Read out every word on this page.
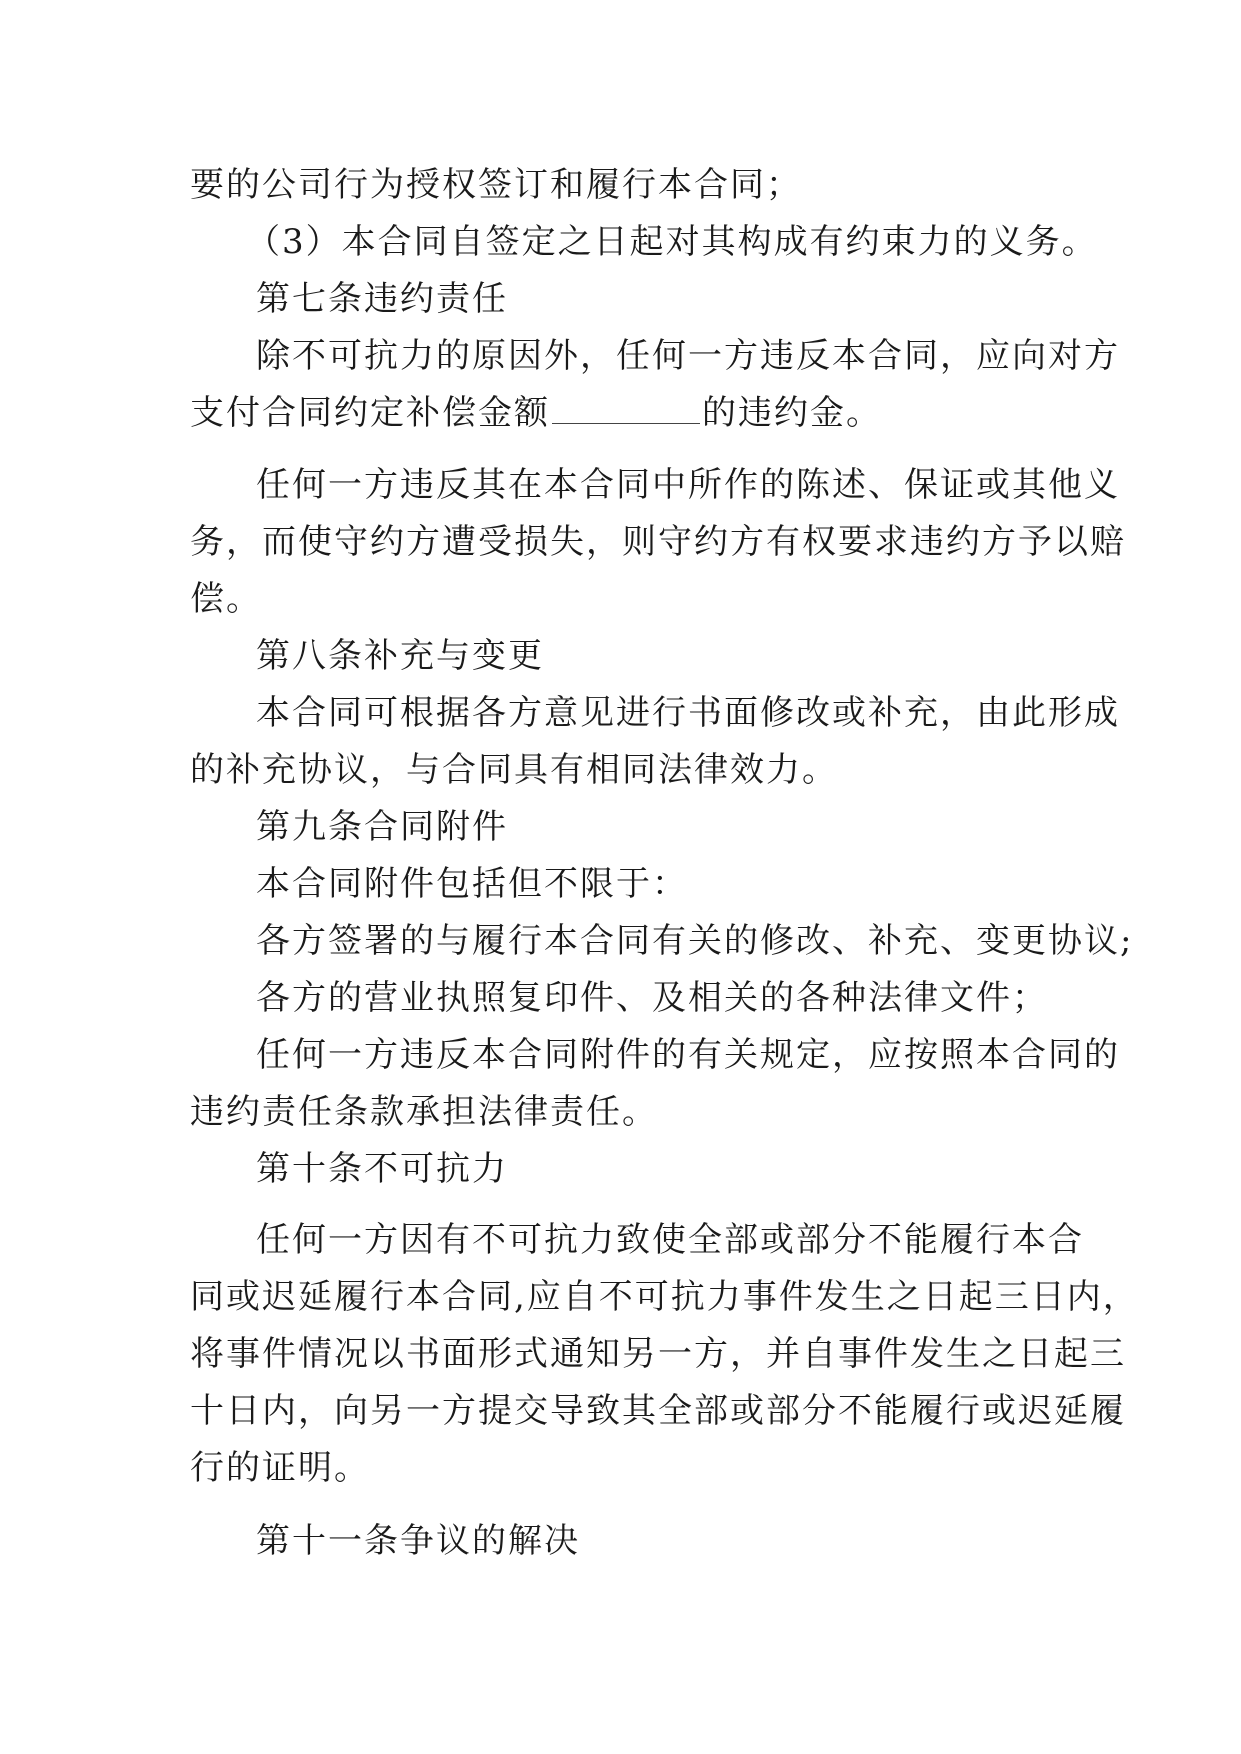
要的公司行为授权签订和履行本合同；
（3）本合同自签定之日起对其构成有约束力的义务。
第七条违约责任
除不可抗力的原因外，任何一方违反本合同，应向对方
支付合同约定补偿金额	的违约金。
任何一方违反其在本合同中所作的陈述、保证或其他义
务，而使守约方遭受损失，则守约方有权要求违约方予以赔
偿。
第八条补充与变更
本合同可根据各方意见进行书面修改或补充，由此形成
的补充协议，与合同具有相同法律效力。
第九条合同附件
本合同附件包括但不限于：
各方签署的与履行本合同有关的修改、补充、变更协议;
各方的营业执照复印件、及相关的各种法律文件；
任何一方违反本合同附件的有关规定，应按照本合同的
违约责任条款承担法律责任。
第十条不可抗力
任何一方因有不可抗力致使全部或部分不能履行本合
同或迟延履行本合同,应自不可抗力事件发生之日起三日内，
将事件情况以书面形式通知另一方，并自事件发生之日起三
十日内，向另一方提交导致其全部或部分不能履行或迟延履
行的证明。
第十一条争议的解决
